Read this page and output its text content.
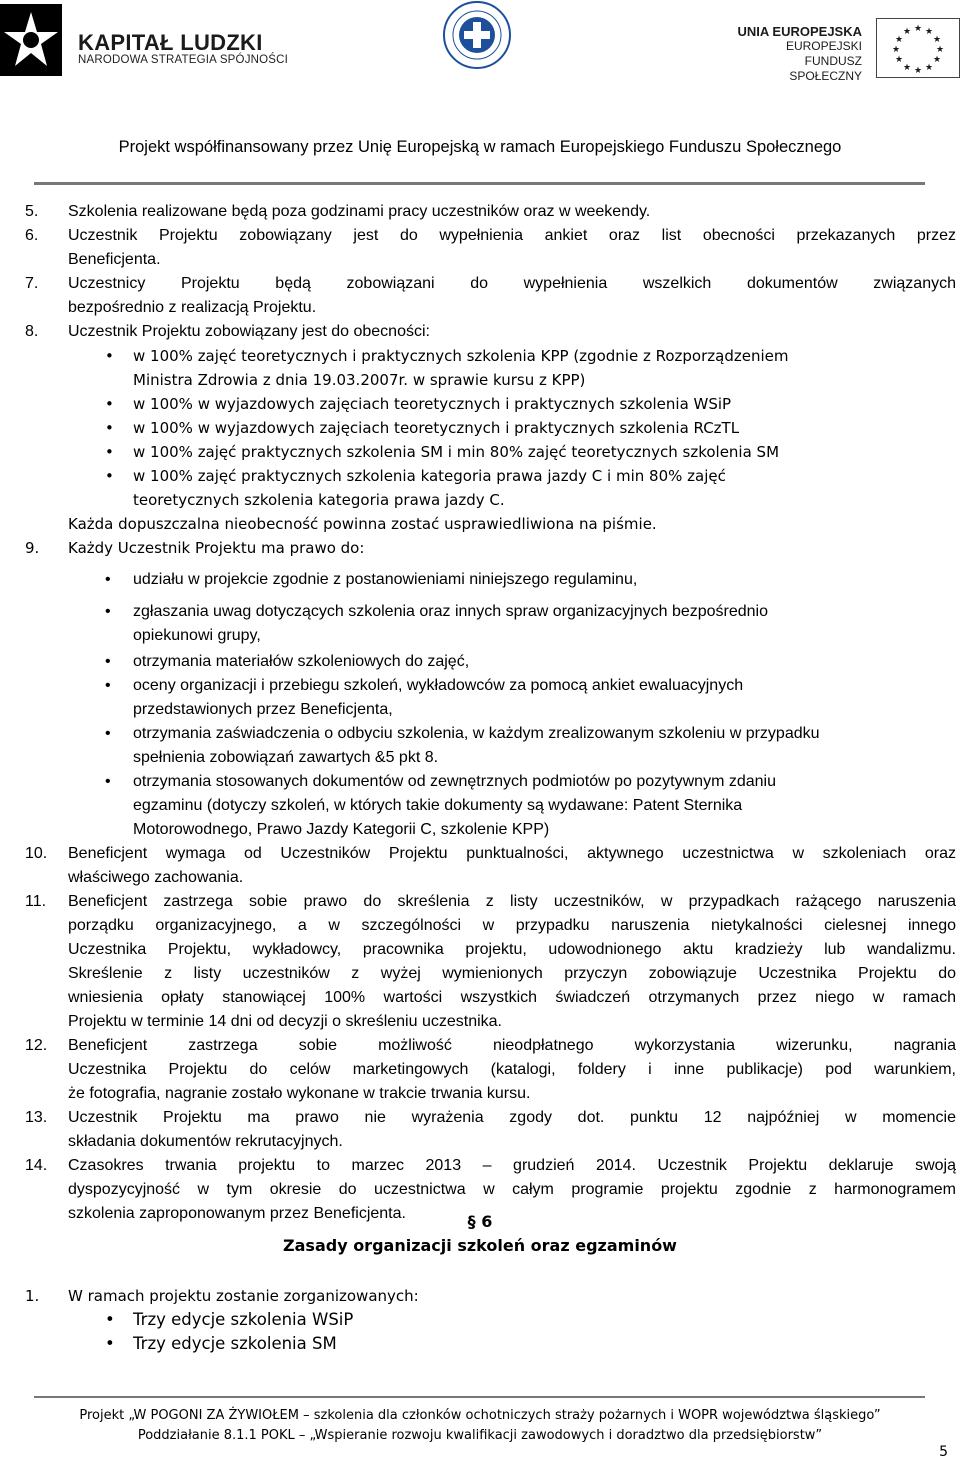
KAPITAŁ LUDZKI
NARODOWA STRATEGIA SPÓJNOŚCI
UNIA EUROPEJSKA
EUROPEJSKI
FUNDUSZ SPOŁECZNY
★ ★
★
★
★
★
★
★
★
★
★
★
Projekt współfinansowany przez Unię Europejską w ramach Europejskiego Funduszu Społecznego
5.	Szkolenia realizowane będą poza godzinami pracy uczestników oraz w weekendy.
6.	Uczestnik Projektu zobowiązany jest do wypełnienia ankiet oraz list obecności przekazanych przez
Beneficjenta.
7.	Uczestnicy Projektu będą zobowiązani do wypełnienia wszelkich dokumentów związanych
bezpośrednio z realizacją Projektu.
8.	Uczestnik Projektu zobowiązany jest do obecności:
• w 100% zajęć teoretycznych i praktycznych szkolenia KPP (zgodnie z Rozporządzeniem
Ministra Zdrowia z dnia 19.03.2007r. w sprawie kursu z KPP)
• w 100% w wyjazdowych zajęciach teoretycznych i praktycznych szkolenia WSiP
• w 100% w wyjazdowych zajęciach teoretycznych i praktycznych szkolenia RCzTL
• w 100% zajęć praktycznych szkolenia SM i min 80% zajęć teoretycznych szkolenia SM
• w 100% zajęć praktycznych szkolenia kategoria prawa jazdy C i min 80% zajęć
teoretycznych szkolenia kategoria prawa jazdy C.
Każda dopuszczalna nieobecność powinna zostać usprawiedliwiona na piśmie.
9.	Każdy Uczestnik Projektu ma prawo do:
• udziału w projekcie zgodnie z postanowieniami niniejszego regulaminu,
• zgłaszania uwag dotyczących szkolenia oraz innych spraw organizacyjnych bezpośrednio
opiekunowi grupy,
• otrzymania materiałów szkoleniowych do zajęć,
• oceny organizacji i przebiegu szkoleń, wykładowców za pomocą ankiet ewaluacyjnych
przedstawionych przez Beneficjenta,
• otrzymania zaświadczenia o odbyciu szkolenia, w każdym zrealizowanym szkoleniu w przypadku
spełnienia zobowiązań zawartych &5 pkt 8.
• otrzymania stosowanych dokumentów od zewnętrznych podmiotów po pozytywnym zdaniu
egzaminu (dotyczy szkoleń, w których takie dokumenty są wydawane: Patent Sternika
Motorowodnego, Prawo Jazdy Kategorii C, szkolenie KPP)
10.	Beneficjent wymaga od Uczestników Projektu punktualności, aktywnego uczestnictwa w szkoleniach oraz
właściwego zachowania.
11.	Beneficjent zastrzega sobie prawo do skreślenia z listy uczestników, w przypadkach rażącego naruszenia
porządku organizacyjnego, a w szczególności w przypadku naruszenia nietykalności cielesnej innego
Uczestnika Projektu, wykładowcy, pracownika projektu, udowodnionego aktu kradzieży lub wandalizmu.
Skreślenie z listy uczestników z wyżej wymienionych przyczyn zobowiązuje Uczestnika Projektu do
wniesienia opłaty stanowiącej 100% wartości wszystkich świadczeń otrzymanych przez niego w ramach
Projektu w terminie 14 dni od decyzji o skreśleniu uczestnika.
12.	Beneficjent zastrzega sobie możliwość nieodpłatnego wykorzystania wizerunku, nagrania
Uczestnika Projektu do celów marketingowych (katalogi, foldery i inne publikacje) pod warunkiem,
że fotografia, nagranie zostało wykonane w trakcie trwania kursu.
13.	Uczestnik Projektu ma prawo nie wyrażenia zgody dot. punktu 12 najpóźniej w momencie
składania dokumentów rekrutacyjnych.
14.	Czasokres trwania projektu to marzec 2013 – grudzień 2014. Uczestnik Projektu deklaruje swoją
dyspozycyjność w tym okresie do uczestnictwa w całym programie projektu zgodnie z harmonogramem
szkolenia zaproponowanym przez Beneficjenta.	§ 6
Zasady organizacji szkoleń oraz egzaminów
1.	W ramach projektu zostanie zorganizowanych:
• Trzy edycje szkolenia WSiP
• Trzy edycje szkolenia SM
Projekt „W POGONI ZA ŻYWIOŁEM – szkolenia dla członków ochotniczych straży pożarnych i WOPR województwa śląskiego”
Poddziałanie 8.1.1 POKL – „Wspieranie rozwoju kwalifikacji zawodowych i doradztwo dla przedsiębiorstw”
5
